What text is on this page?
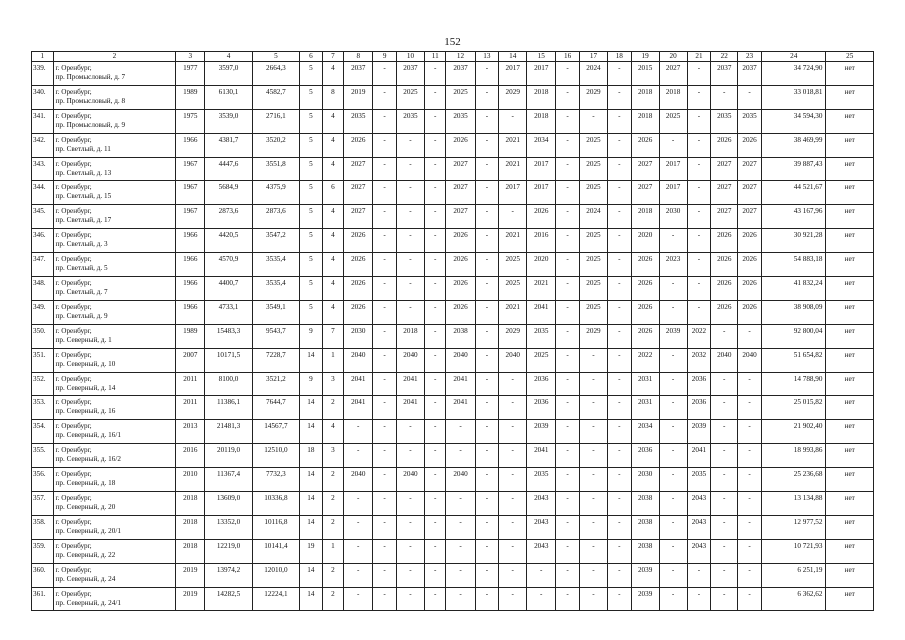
152
1	2	3	4	5	6	7	8	9	10	11	12	13	14	15	16	17	18	19	20	21	22	23	24	25
339.	г. Оренбург,
пр. Промысловый, д. 7	1977	3597,0	2664,3	5	4	2037	-	2037	-	2037	-	2017	2017	-	2024	-	2015	2027	-	2037	2037	34 724,90	нет
340.	г. Оренбург,
пр. Промысловый, д. 8	1989	6130,1	4582,7	5	8	2019	-	2025	-	2025	-	2029	2018	-	2029	-	2018	2018	-	-	-	33 018,81	нет
341.	г. Оренбург,
пр. Промысловый, д. 9	1975	3539,0	2716,1	5	4	2035	-	2035	-	2035	-	-	2018	-	-	-	2018	2025	-	2035	2035	34 594,30	нет
342.	г. Оренбург,
пр. Светлый, д. 11	1966	4381,7	3520,2	5	4	2026	-	-	-	2026	-	2021	2034	-	2025	-	2026	-	-	2026	2026	38 469,99	нет
343.	г. Оренбург,
пр. Светлый, д. 13	1967	4447,6	3551,8	5	4	2027	-	-	-	2027	-	2021	2017	-	2025	-	2027	2017	-	2027	2027	39 887,43	нет
344.	г. Оренбург,
пр. Светлый, д. 15	1967	5684,9	4375,9	5	6	2027	-	-	-	2027	-	2017	2017	-	2025	-	2027	2017	-	2027	2027	44 521,67	нет
345.	г. Оренбург,
пр. Светлый, д. 17	1967	2873,6	2873,6	5	4	2027	-	-	-	2027	-	-	2026	-	2024	-	2018	2030	-	2027	2027	43 167,96	нет
346.	г. Оренбург,
пр. Светлый, д. 3	1966	4420,5	3547,2	5	4	2026	-	-	-	2026	-	2021	2016	-	2025	-	2020	-	-	2026	2026	30 921,28	нет
347.	г. Оренбург,
пр. Светлый, д. 5	1966	4570,9	3535,4	5	4	2026	-	-	-	2026	-	2025	2020	-	2025	-	2026	2023	-	2026	2026	54 883,18	нет
348.	г. Оренбург,
пр. Светлый, д. 7	1966	4400,7	3535,4	5	4	2026	-	-	-	2026	-	2025	2021	-	2025	-	2026	-	-	2026	2026	41 832,24	нет
349.	г. Оренбург,
пр. Светлый, д. 9	1966	4733,1	3549,1	5	4	2026	-	-	-	2026	-	2021	2041	-	2025	-	2026	-	-	2026	2026	38 908,09	нет
350.	г. Оренбург,
пр. Северный, д. 1	1989	15483,3	9543,7	9	7	2030	-	2018	-	2038	-	2029	2035	-	2029	-	2026	2039	2022	-	-	92 800,04	нет
351.	г. Оренбург,
пр. Северный, д. 10	2007	10171,5	7228,7	14	1	2040	-	2040	-	2040	-	2040	2025	-	-	-	2022	-	2032	2040	2040	51 654,82	нет
352.	г. Оренбург,
пр. Северный, д. 14	2011	8100,0	3521,2	9	3	2041	-	2041	-	2041	-	-	2036	-	-	-	2031	-	2036	-	-	14 788,90	нет
353.	г. Оренбург,
пр. Северный, д. 16	2011	11386,1	7644,7	14	2	2041	-	2041	-	2041	-	-	2036	-	-	-	2031	-	2036	-	-	25 015,82	нет
354.	г. Оренбург,
пр. Северный, д. 16/1	2013	21481,3	14567,7	14	4	-	-	-	-	-	-	-	2039	-	-	-	2034	-	2039	-	-	21 902,40	нет
355.	г. Оренбург,
пр. Северный, д. 16/2	2016	20119,0	12510,0	18	3	-	-	-	-	-	-	-	2041	-	-	-	2036	-	2041	-	-	18 993,86	нет
356.	г. Оренбург,
пр. Северный, д. 18	2010	11367,4	7732,3	14	2	2040	-	2040	-	2040	-	-	2035	-	-	-	2030	-	2035	-	-	25 236,68	нет
357.	г. Оренбург,
пр. Северный, д. 20	2018	13609,0	10336,8	14	2	-	-	-	-	-	-	-	2043	-	-	-	2038	-	2043	-	-	13 134,88	нет
358.	г. Оренбург,
пр. Северный, д. 20/1	2018	13352,0	10116,8	14	2	-	-	-	-	-	-	-	2043	-	-	-	2038	-	2043	-	-	12 977,52	нет
359.	г. Оренбург,
пр. Северный, д. 22	2018	12219,0	10141,4	19	1	-	-	-	-	-	-	-	2043	-	-	-	2038	-	2043	-	-	10 721,93	нет
360.	г. Оренбург,
пр. Северный, д. 24	2019	13974,2	12010,0	14	2	-	-	-	-	-	-	-	-	-	-	-	2039	-	-	-	-	6 251,19	нет
361.	г. Оренбург,
пр. Северный, д. 24/1	2019	14282,5	12224,1	14	2	-	-	-	-	-	-	-	-	-	-	-	2039	-	-	-	-	6 362,62	нет
